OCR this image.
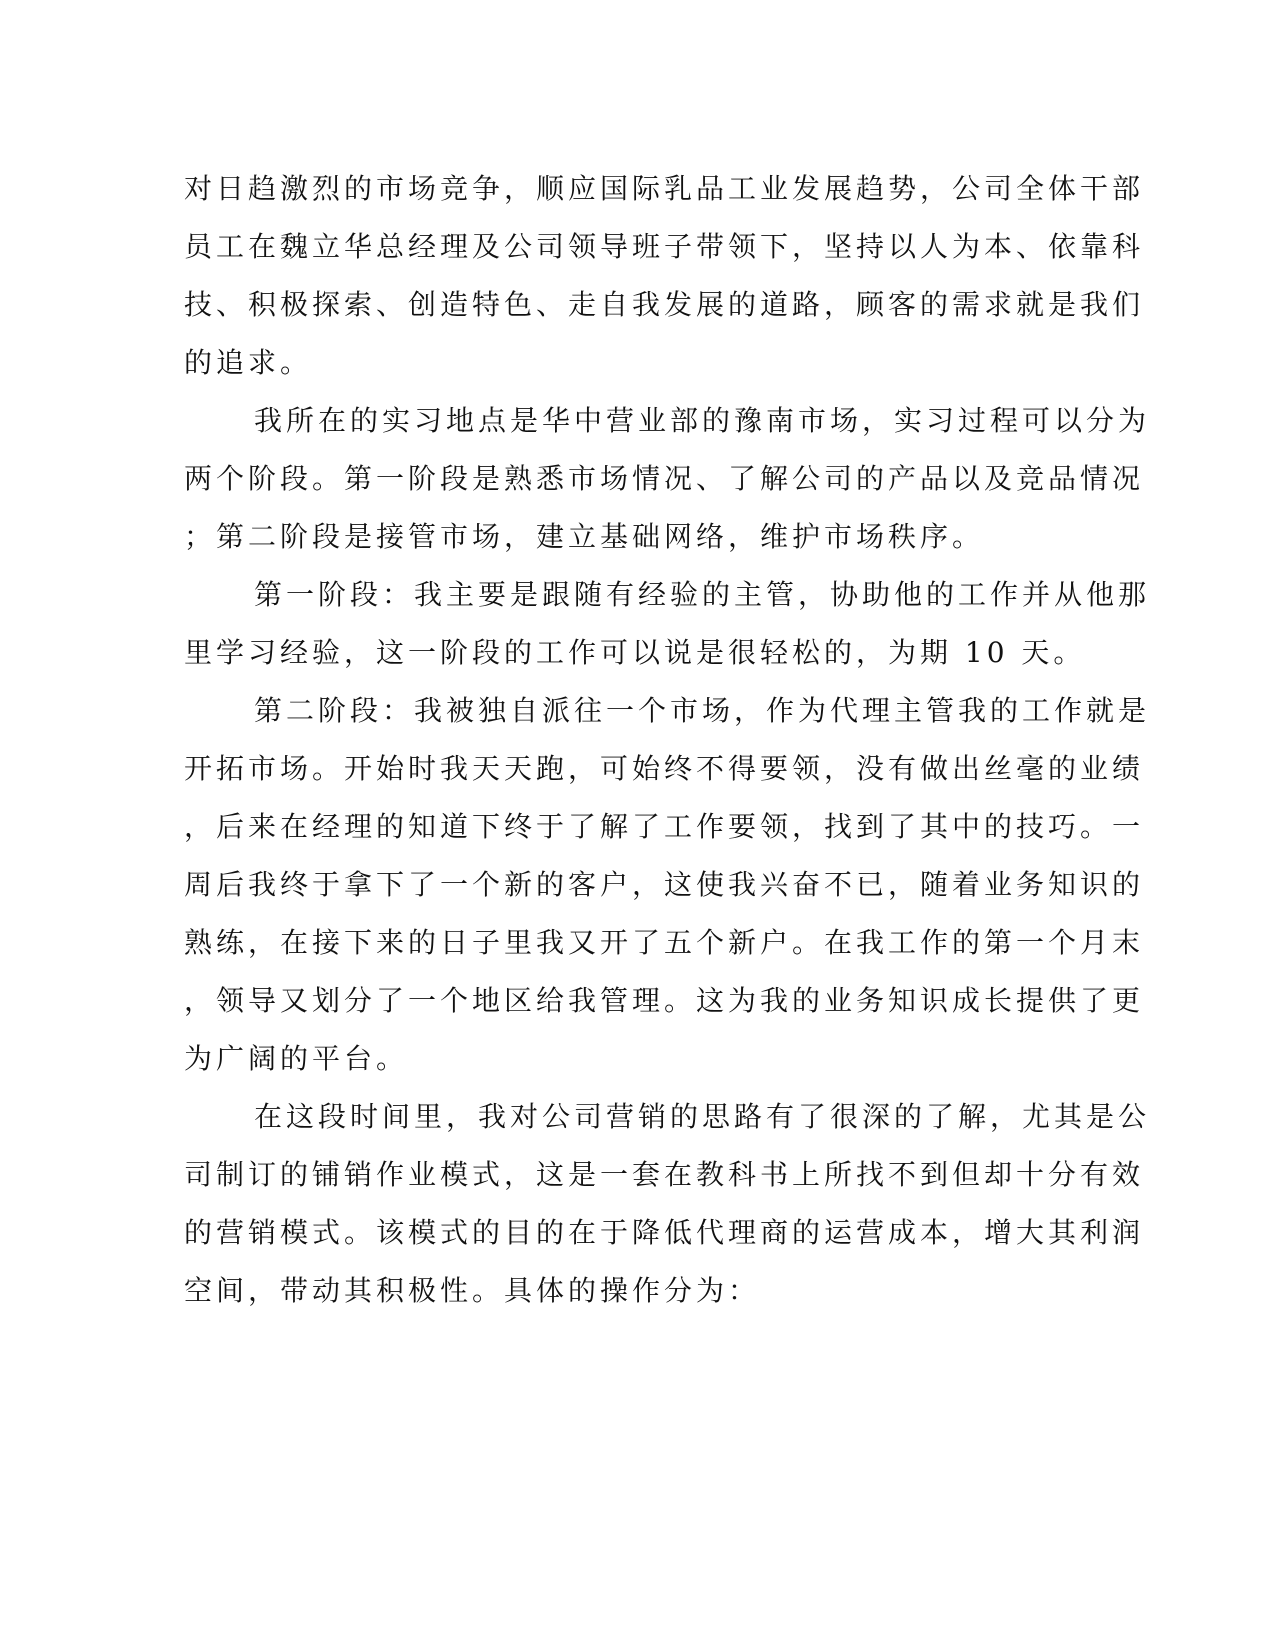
对日趋激烈的市场竞争，顺应国际乳品工业发展趋势，公司全体干部
员工在魏立华总经理及公司领导班子带领下，坚持以人为本、依靠科
技、积极探索、创造特色、走自我发展的道路，顾客的需求就是我们
的追求。
我所在的实习地点是华中营业部的豫南市场，实习过程可以分为
两个阶段。第一阶段是熟悉市场情况、了解公司的产品以及竞品情况
；第二阶段是接管市场，建立基础网络，维护市场秩序。
第一阶段：我主要是跟随有经验的主管，协助他的工作并从他那
里学习经验，这一阶段的工作可以说是很轻松的，为期 10 天。
第二阶段：我被独自派往一个市场，作为代理主管我的工作就是
开拓市场。开始时我天天跑，可始终不得要领，没有做出丝毫的业绩
，后来在经理的知道下终于了解了工作要领，找到了其中的技巧。一
周后我终于拿下了一个新的客户，这使我兴奋不已，随着业务知识的
熟练，在接下来的日子里我又开了五个新户。在我工作的第一个月末
，领导又划分了一个地区给我管理。这为我的业务知识成长提供了更
为广阔的平台。
在这段时间里，我对公司营销的思路有了很深的了解，尤其是公
司制订的铺销作业模式，这是一套在教科书上所找不到但却十分有效
的营销模式。该模式的目的在于降低代理商的运营成本，增大其利润
空间，带动其积极性。具体的操作分为：
